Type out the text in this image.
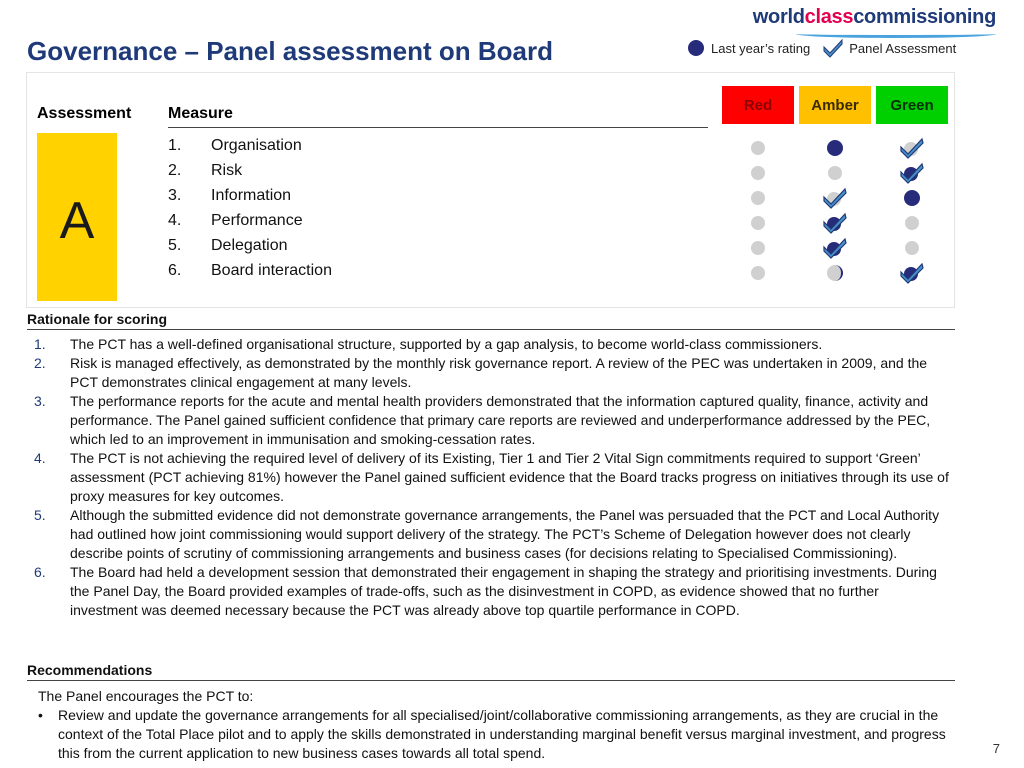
worldclasscommissioning
Governance – Panel assessment on Board	Last year’s rating	Panel Assessment
Assessment Measure
A
1.	Organisation
2.	Risk
3.	Information
4.	Performance
5.	Delegation
6.	Board interaction
Red	Amber	Green
Rationale for scoring
1.	The PCT has a well-defined organisational structure, supported by a gap analysis, to become world-class commissioners.
2.	Risk is managed effectively, as demonstrated by the monthly risk governance report. A review of the PEC was undertaken in 2009, and the PCT demonstrates clinical engagement at many levels.
3.	The performance reports for the acute and mental health providers demonstrated that the information captured quality, finance, activity and performance. The Panel gained sufficient confidence that primary care reports are reviewed and underperformance addressed by the PEC, which led to an improvement in immunisation and smoking-cessation rates.
4.	The PCT is not achieving the required level of delivery of its Existing, Tier 1 and Tier 2 Vital Sign commitments required to support ‘Green’ assessment (PCT achieving 81%) however the Panel gained sufficient evidence that the Board tracks progress on initiatives through its use of proxy measures for key outcomes.
5.	Although the submitted evidence did not demonstrate governance arrangements, the Panel was persuaded that the PCT and Local Authority had outlined how joint commissioning would support delivery of the strategy. The PCT’s Scheme of Delegation however does not clearly describe points of scrutiny of commissioning arrangements and business cases (for decisions relating to Specialised Commissioning).
6.	The Board had held a development session that demonstrated their engagement in shaping the strategy and prioritising investments. During the Panel Day, the Board provided examples of trade-offs, such as the disinvestment in COPD, as evidence showed that no further investment was deemed necessary because the PCT was already above top quartile performance in COPD.
Recommendations
The Panel encourages the PCT to:
•	Review and update the governance arrangements for all specialised/joint/collaborative commissioning arrangements, as they are crucial in the context of the Total Place pilot and to apply the skills demonstrated in understanding marginal benefit versus marginal investment, and progress this from the current application to new business cases towards all total spend.	7
